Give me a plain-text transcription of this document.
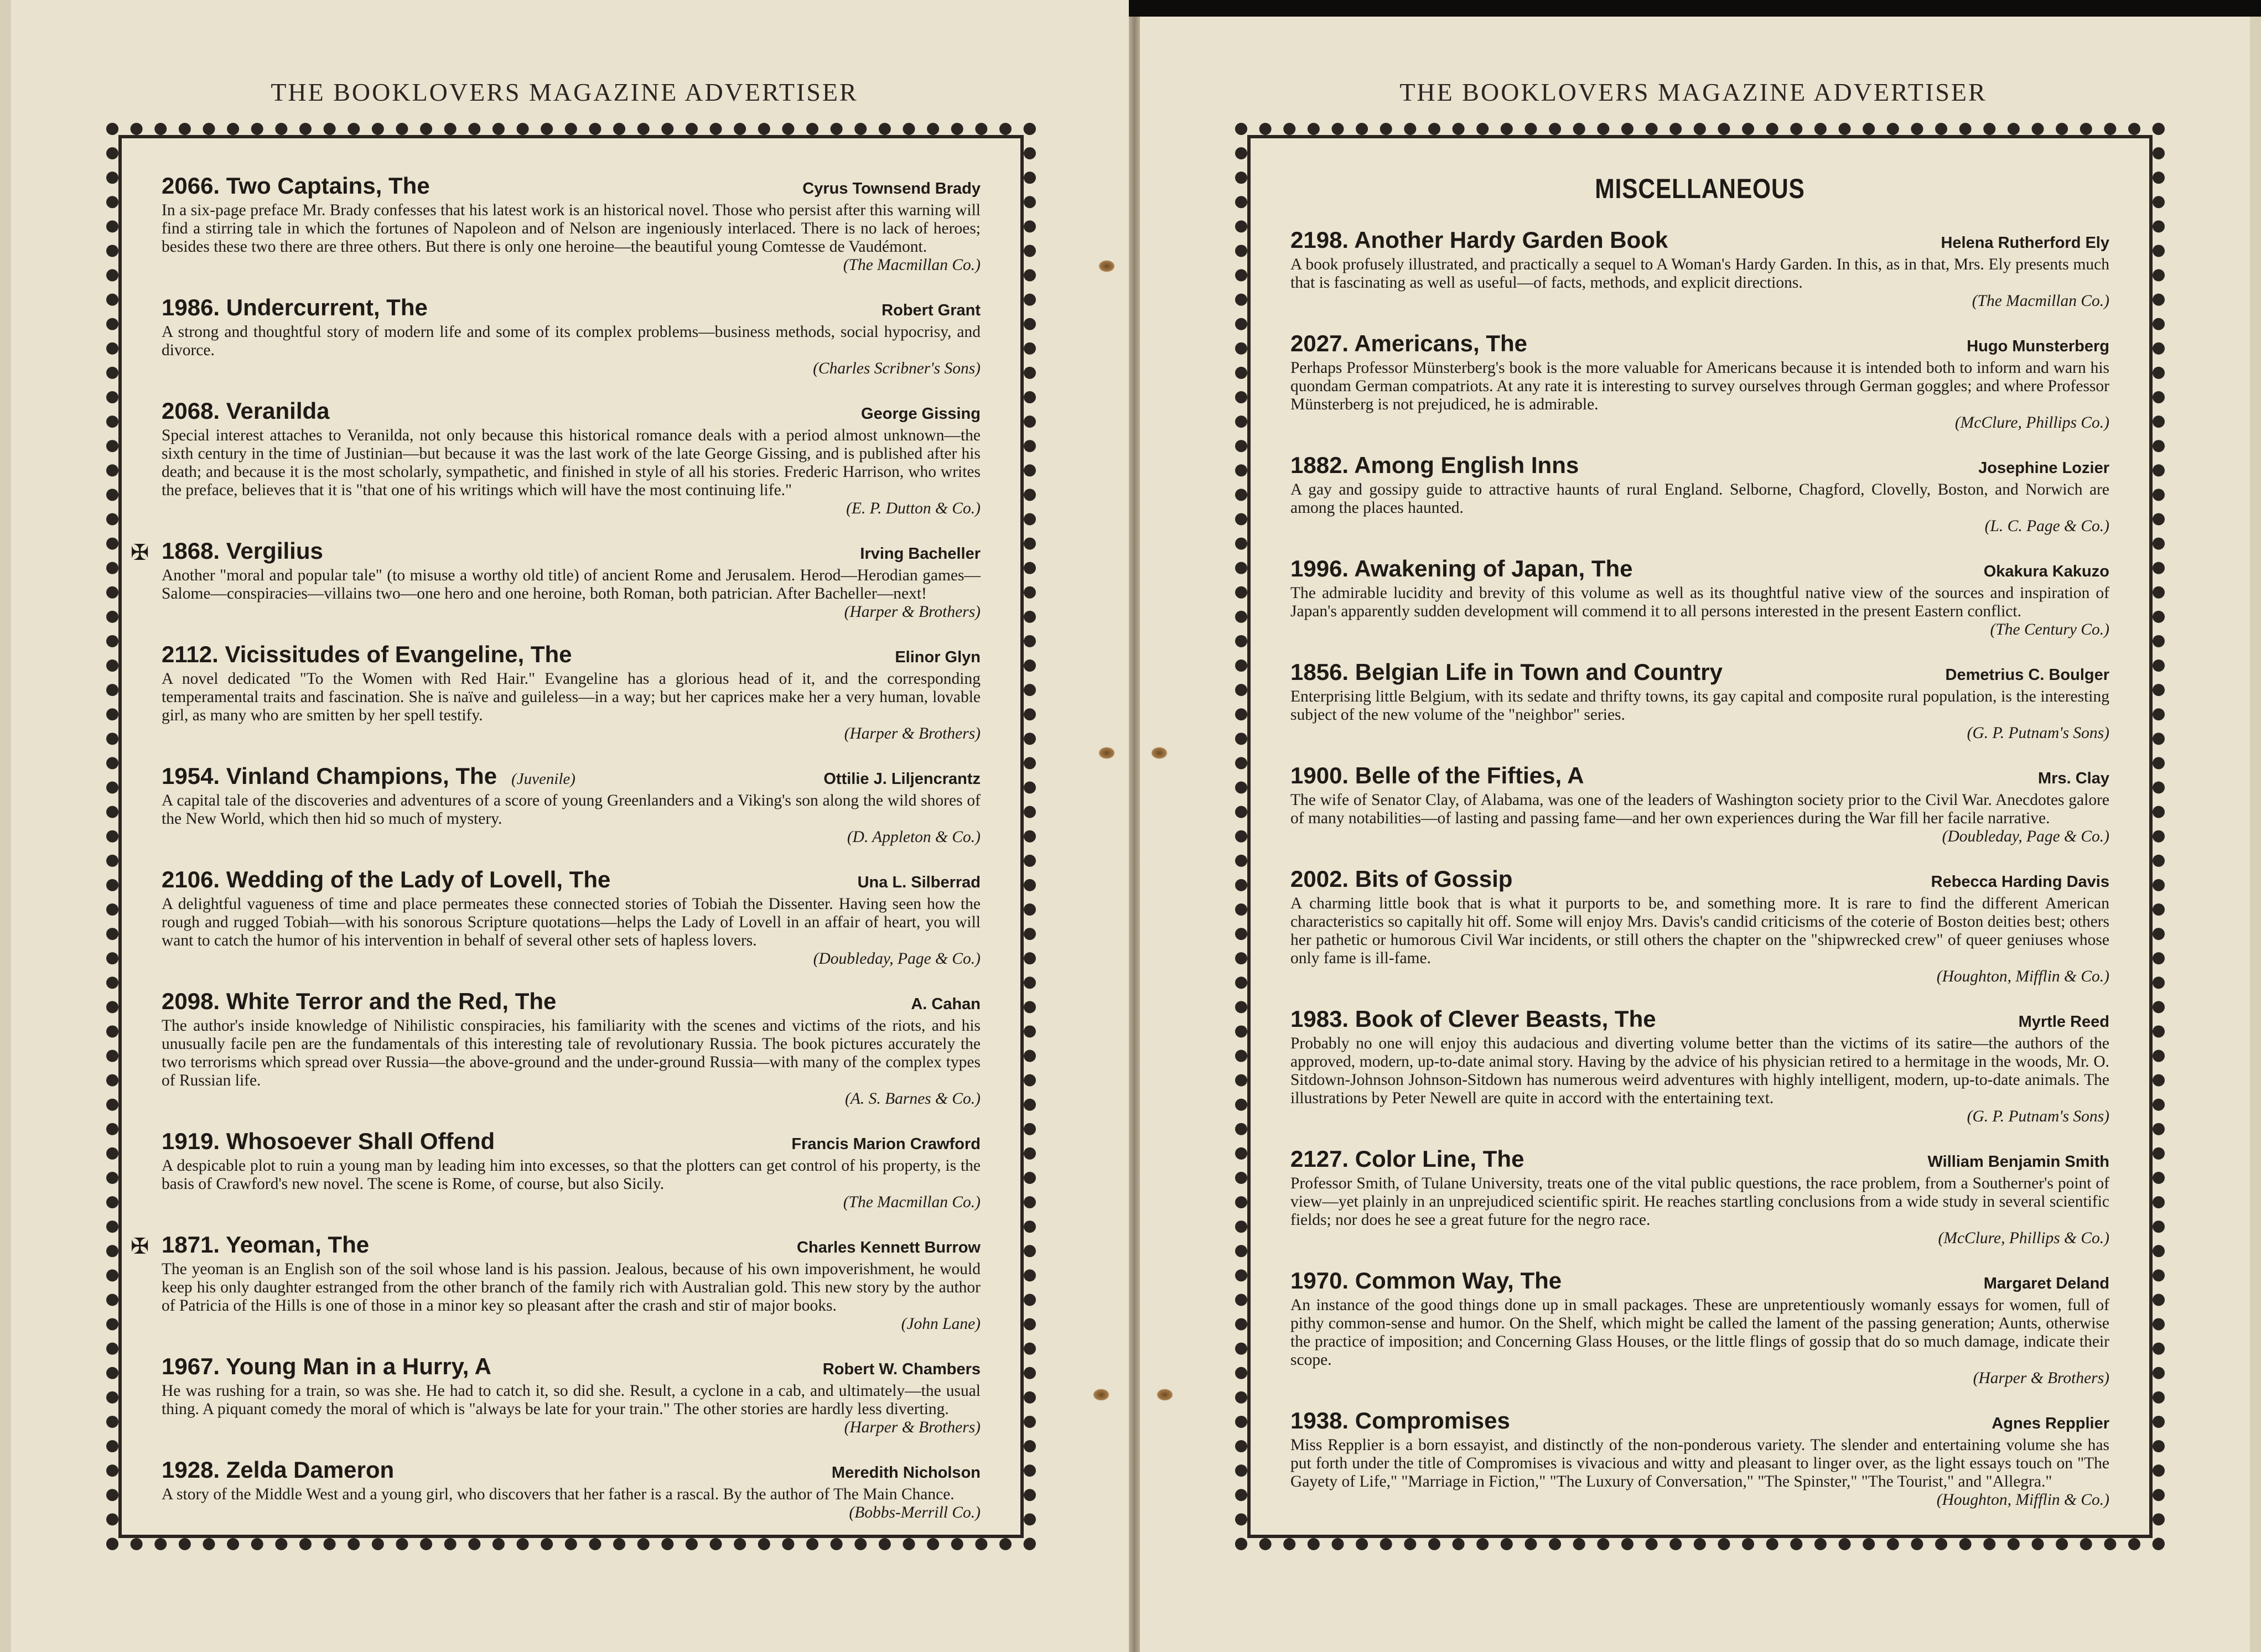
THE BOOKLOVERS MAGAZINE ADVERTISER	THE BOOKLOVERS MAGAZINE ADVERTISER
2066. Two Captains, The	Cyrus Townsend Brady
In a six-page preface Mr. Brady confesses that his latest work is an historical novel. Those who persist after this warning will find a stirring tale in which the fortunes of Napoleon and of Nelson are ingeniously interlaced. There is no lack of heroes; besides these two there are three others. But there is only one heroine—the beautiful young Comtesse de Vaudémont.
(The Macmillan Co.)
1986. Undercurrent, The	Robert Grant
A strong and thoughtful story of modern life and some of its complex problems—business methods, social hypocrisy, and divorce.
(Charles Scribner's Sons)
2068. Veranilda	George Gissing
Special interest attaches to Veranilda, not only because this historical romance deals with a period almost unknown—the sixth century in the time of Justinian—but because it was the last work of the late George Gissing, and is published after his death; and because it is the most scholarly, sympathetic, and finished in style of all his stories. Frederic Harrison, who writes the preface, believes that it is "that one of his writings which will have the most continuing life."
(E. P. Dutton & Co.)
✠ 1868. Vergilius	Irving Bacheller
Another "moral and popular tale" (to misuse a worthy old title) of ancient Rome and Jerusalem. Herod—Herodian games—Salome—conspiracies—villains two—one hero and one heroine, both Roman, both patrician. After Bacheller—next!
(Harper & Brothers)
2112. Vicissitudes of Evangeline, The	Elinor Glyn
A novel dedicated "To the Women with Red Hair." Evangeline has a glorious head of it, and the corresponding temperamental traits and fascination. She is naïve and guileless—in a way; but her caprices make her a very human, lovable girl, as many who are smitten by her spell testify.
(Harper & Brothers)
1954. Vinland Champions, The (Juvenile)	Ottilie J. Liljencrantz
A capital tale of the discoveries and adventures of a score of young Greenlanders and a Viking's son along the wild shores of the New World, which then hid so much of mystery.
(D. Appleton & Co.)
2106. Wedding of the Lady of Lovell, The	Una L. Silberrad
A delightful vagueness of time and place permeates these connected stories of Tobiah the Dissenter. Having seen how the rough and rugged Tobiah—with his sonorous Scripture quotations—helps the Lady of Lovell in an affair of heart, you will want to catch the humor of his intervention in behalf of several other sets of hapless lovers.
(Doubleday, Page & Co.)
2098. White Terror and the Red, The	A. Cahan
The author's inside knowledge of Nihilistic conspiracies, his familiarity with the scenes and victims of the riots, and his unusually facile pen are the fundamentals of this interesting tale of revolutionary Russia. The book pictures accurately the two terrorisms which spread over Russia—the above-ground and the under-ground Russia—with many of the complex types of Russian life.
(A. S. Barnes & Co.)
1919. Whosoever Shall Offend	Francis Marion Crawford
A despicable plot to ruin a young man by leading him into excesses, so that the plotters can get control of his property, is the basis of Crawford's new novel. The scene is Rome, of course, but also Sicily.
(The Macmillan Co.)
✠ 1871. Yeoman, The	Charles Kennett Burrow
The yeoman is an English son of the soil whose land is his passion. Jealous, because of his own impoverishment, he would keep his only daughter estranged from the other branch of the family rich with Australian gold. This new story by the author of Patricia of the Hills is one of those in a minor key so pleasant after the crash and stir of major books.
(John Lane)
1967. Young Man in a Hurry, A	Robert W. Chambers
He was rushing for a train, so was she. He had to catch it, so did she. Result, a cyclone in a cab, and ultimately—the usual thing. A piquant comedy the moral of which is "always be late for your train." The other stories are hardly less diverting.
(Harper & Brothers)
1928. Zelda Dameron	Meredith Nicholson
A story of the Middle West and a young girl, who discovers that her father is a rascal. By the author of The Main Chance.
(Bobbs-Merrill Co.)
MISCELLANEOUS
2198. Another Hardy Garden Book	Helena Rutherford Ely
A book profusely illustrated, and practically a sequel to A Woman's Hardy Garden. In this, as in that, Mrs. Ely presents much that is fascinating as well as useful—of facts, methods, and explicit directions.
(The Macmillan Co.)
2027. Americans, The	Hugo Munsterberg
Perhaps Professor Münsterberg's book is the more valuable for Americans because it is intended both to inform and warn his quondam German compatriots. At any rate it is interesting to survey ourselves through German goggles; and where Professor Münsterberg is not prejudiced, he is admirable.
(McClure, Phillips Co.)
1882. Among English Inns	Josephine Lozier
A gay and gossipy guide to attractive haunts of rural England. Selborne, Chagford, Clovelly, Boston, and Norwich are among the places haunted.
(L. C. Page & Co.)
1996. Awakening of Japan, The	Okakura Kakuzo
The admirable lucidity and brevity of this volume as well as its thoughtful native view of the sources and inspiration of Japan's apparently sudden development will commend it to all persons interested in the present Eastern conflict.
(The Century Co.)
1856. Belgian Life in Town and Country	Demetrius C. Boulger
Enterprising little Belgium, with its sedate and thrifty towns, its gay capital and composite rural population, is the interesting subject of the new volume of the "neighbor" series.
(G. P. Putnam's Sons)
1900. Belle of the Fifties, A	Mrs. Clay
The wife of Senator Clay, of Alabama, was one of the leaders of Washington society prior to the Civil War. Anecdotes galore of many notabilities—of lasting and passing fame—and her own experiences during the War fill her facile narrative.
(Doubleday, Page & Co.)
2002. Bits of Gossip	Rebecca Harding Davis
A charming little book that is what it purports to be, and something more. It is rare to find the different American characteristics so capitally hit off. Some will enjoy Mrs. Davis's candid criticisms of the coterie of Boston deities best; others her pathetic or humorous Civil War incidents, or still others the chapter on the "shipwrecked crew" of queer geniuses whose only fame is ill-fame.
(Houghton, Mifflin & Co.)
1983. Book of Clever Beasts, The	Myrtle Reed
Probably no one will enjoy this audacious and diverting volume better than the victims of its satire—the authors of the approved, modern, up-to-date animal story. Having by the advice of his physician retired to a hermitage in the woods, Mr. O. Sitdown-Johnson Johnson-Sitdown has numerous weird adventures with highly intelligent, modern, up-to-date animals. The illustrations by Peter Newell are quite in accord with the entertaining text.
(G. P. Putnam's Sons)
2127. Color Line, The	William Benjamin Smith
Professor Smith, of Tulane University, treats one of the vital public questions, the race problem, from a Southerner's point of view—yet plainly in an unprejudiced scientific spirit. He reaches startling conclusions from a wide study in several scientific fields; nor does he see a great future for the negro race.
(McClure, Phillips & Co.)
1970. Common Way, The	Margaret Deland
An instance of the good things done up in small packages. These are unpretentiously womanly essays for women, full of pithy common-sense and humor. On the Shelf, which might be called the lament of the passing generation; Aunts, otherwise the practice of imposition; and Concerning Glass Houses, or the little flings of gossip that do so much damage, indicate their scope.
(Harper & Brothers)
1938. Compromises	Agnes Repplier
Miss Repplier is a born essayist, and distinctly of the non-ponderous variety. The slender and entertaining volume she has put forth under the title of Compromises is vivacious and witty and pleasant to linger over, as the light essays touch on "The Gayety of Life," "Marriage in Fiction," "The Luxury of Conversation," "The Spinster," "The Tourist," and "Allegra."
(Houghton, Mifflin & Co.)
